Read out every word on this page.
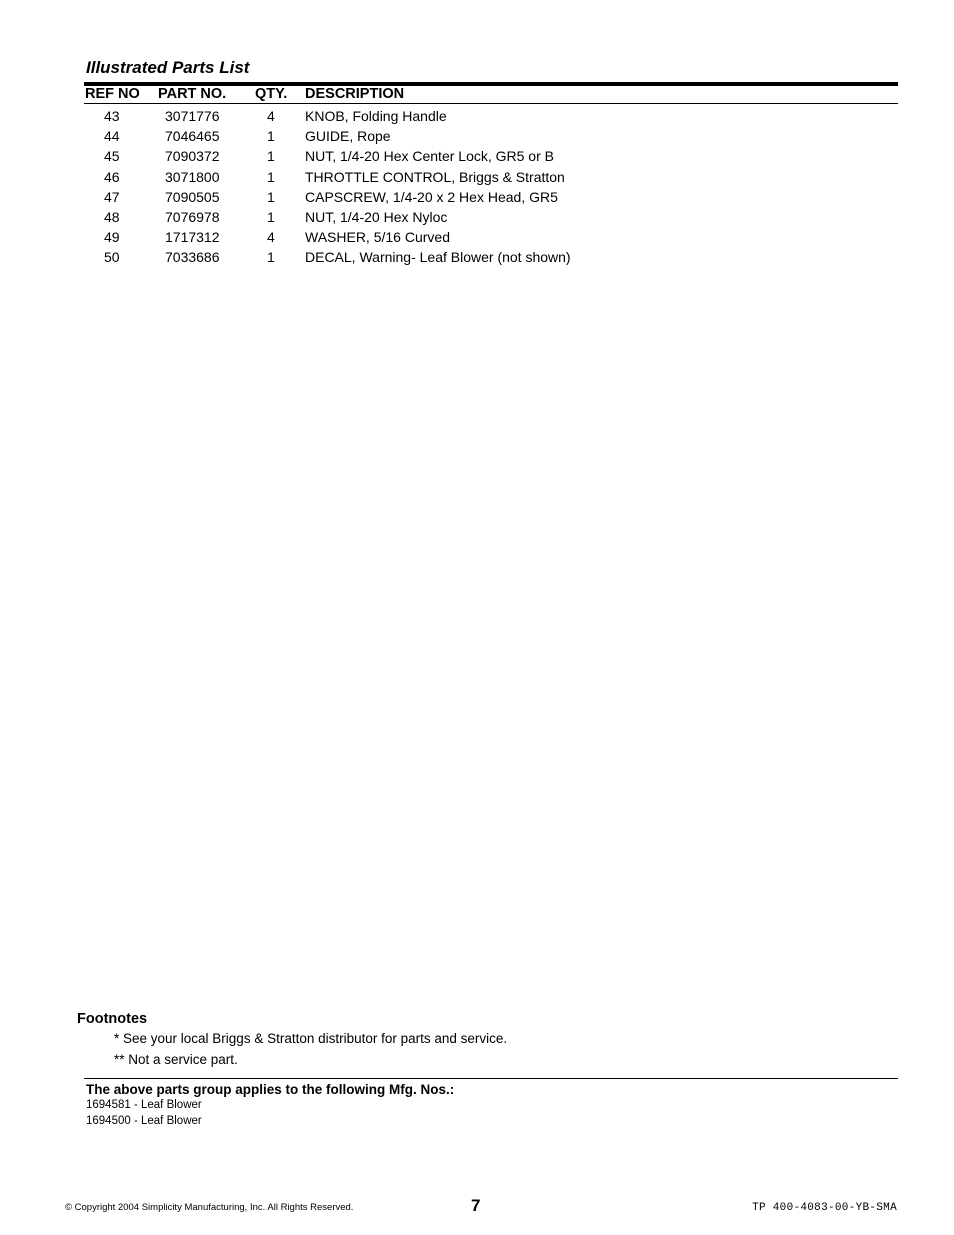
Illustrated Parts List
REF NO PART NO. QTY. DESCRIPTION
43	3071776	4 KNOB, Folding Handle
44	7046465	1 GUIDE, Rope
45	7090372	1 NUT, 1/4-20 Hex Center Lock, GR5 or B
46	3071800	1 THROTTLE CONTROL, Briggs & Stratton
47	7090505	1 CAPSCREW, 1/4-20 x 2 Hex Head, GR5
48	7076978	1 NUT, 1/4-20 Hex Nyloc
49	1717312	4 WASHER, 5/16 Curved
50	7033686	1 DECAL, Warning- Leaf Blower (not shown)
Footnotes
* See your local Briggs & Stratton distributor for parts and service.
** Not a service part.
The above parts group applies to the following Mfg. Nos.:
1694581 - Leaf Blower
1694500 - Leaf Blower
© Copyright 2004 Simplicity Manufacturing, Inc. All Rights Reserved.	7	TP 400-4083-00-YB-SMA
